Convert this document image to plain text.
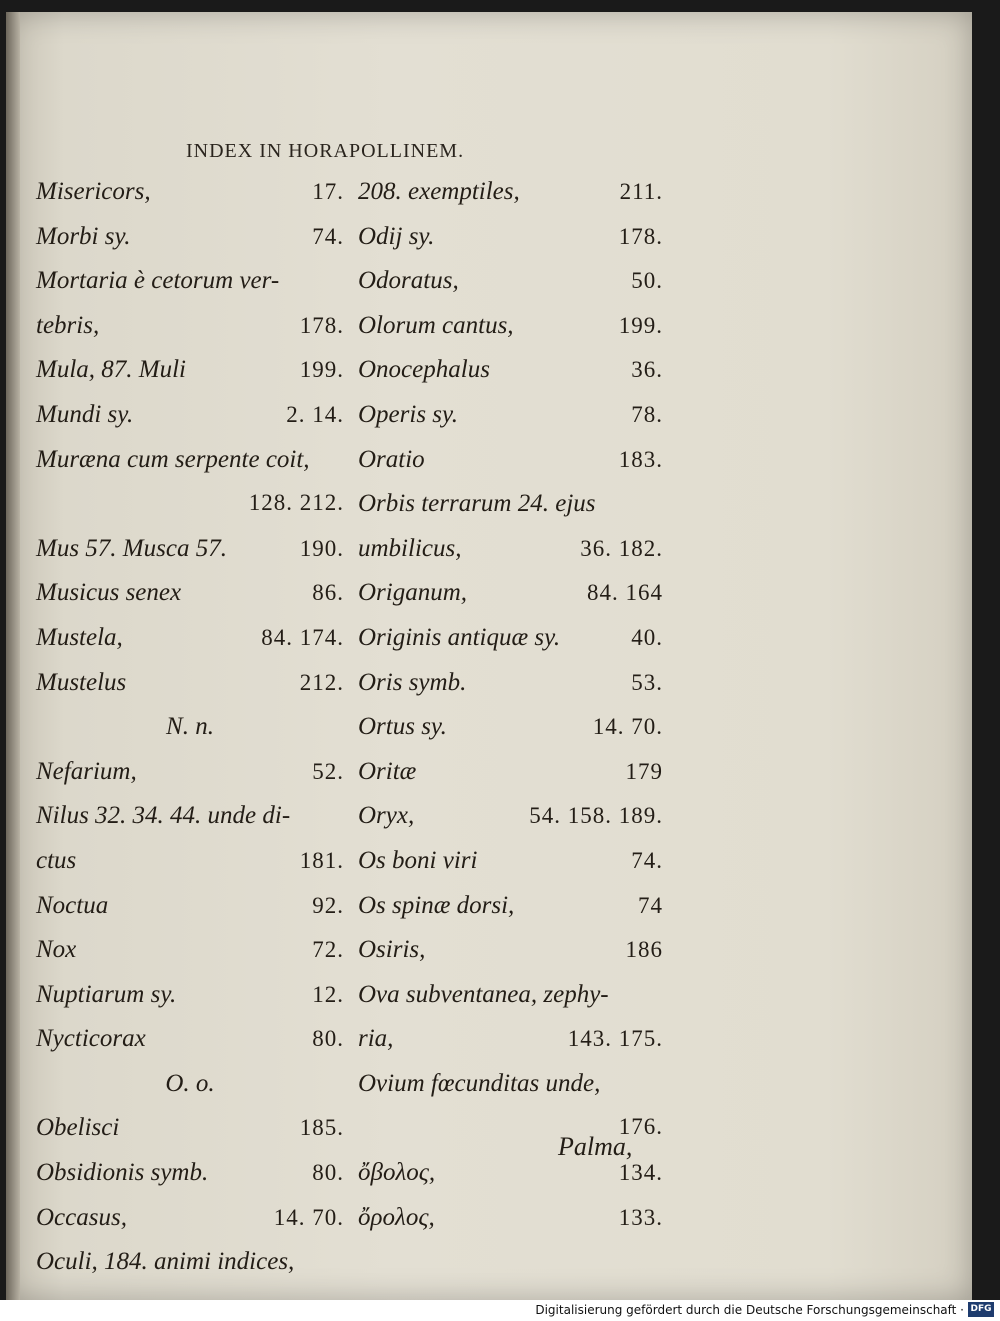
INDEX IN HORAPOLLINEM.
Misericors,	17.
Morbi sy.	74.
Mortaria è cetorum ver-
tebris,	178.
Mula, 87. Muli	199.
Mundi sy.	2. 14.
Muræna cum serpente coit,
128. 212.
Mus 57. Musca 57.	190.
Musicus senex	86.
Mustela,	84. 174.
Mustelus	212.
N. n.
Nefarium,	52.
Nilus 32. 34. 44. unde di-
ctus	181.
Noctua	92.
Nox	72.
Nuptiarum sy.	12.
Nycticorax	80.
O. o.
Obelisci	185.
Obsidionis symb.	80.
Occasus,	14. 70.
Oculi, 184. animi indices,
208. exemptiles,	211.
Odij sy.	178.
Odoratus,	50.
Olorum cantus,	199.
Onocephalus	36.
Operis sy.	78.
Oratio	183.
Orbis terrarum 24. ejus
umbilicus,	36. 182.
Origanum,	84. 164
Originis antiquæ sy.	40.
Oris symb.	53.
Ortus sy.	14. 70.
Oritæ	179
Oryx,	54. 158. 189.
Os boni viri	74.
Os spinæ dorsi,	74
Osiris,	186
Ova subventanea, zephy-
ria,	143. 175.
Ovium fœcunditas unde,
176.
ὄβολος,	134.
ὄρολος,	133.
Palma,
Digitalisierung gefördert durch die Deutsche Forschungsgemeinschaft · DFG
